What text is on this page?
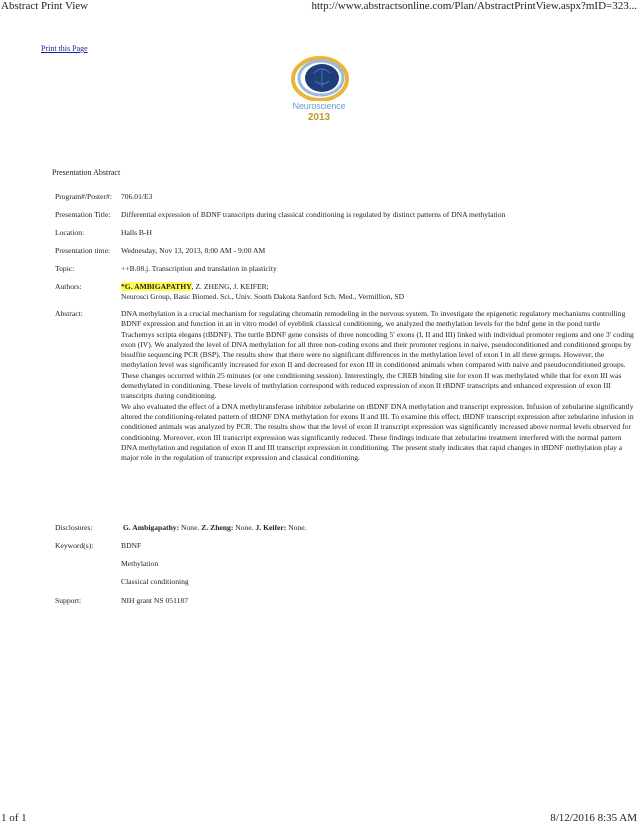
Abstract Print View	http://www.abstractsonline.com/Plan/AbstractPrintView.aspx?mID=323...
Print this Page
Neuroscience
2013
Presentation Abstract
Program#/Poster#:	706.01/E3
Presentation Title:	Differential expression of BDNF transcripts during classical conditioning is regulated by distinct patterns of DNA methylation
Location:	Halls B-H
Presentation time:	Wednesday, Nov 13, 2013, 8:00 AM - 9:00 AM
Topic:	++B.08.j. Transcription and translation in plasticity
Authors:	*G. AMBIGAPATHY, Z. ZHENG, J. KEIFER;
Neurosci Group, Basic Biomed. Sci., Univ. South Dakota Sanford Sch. Med., Vermillion, SD
Abstract:	DNA methylation is a crucial mechanism for regulating chromatin remodeling in the nervous system. To investigate the epigenetic regulatory mechanisms controlling BDNF expression and function in an in vitro model of eyeblink classical conditioning, we analyzed the methylation levels for the bdnf gene in the pond turtle Trachemys scripta elegans (tBDNF). The turtle BDNF gene consists of three noncoding 5′ exons (I, II and III) linked with individual promoter regions and one 3′ coding exon (IV). We analyzed the level of DNA methylation for all three non-coding exons and their promoter regions in naive, pseudoconditioned and conditioned groups by bisulfite sequencing PCR (BSP). The results show that there were no significant differences in the methylation level of exon I in all three groups. However, the methylation level was significantly increased for exon II and decreased for exon III in conditioned animals when compared with naive and pseudoconditioned groups. These changes occurred within 25 minutes (or one conditioning session). Interestingly, the CREB binding site for exon II was methylated while that for exon III was demethylated in conditioning. These levels of methylation correspond with reduced expression of exon II tBDNF transcripts and enhanced expression of exon III transcripts during conditioning.

We also evaluated the effect of a DNA methyltransferase inhibitor zebularine on tBDNF DNA methylation and transcript expression. Infusion of zebularine significantly altered the conditioning-related pattern of tBDNF DNA methylation for exons II and III. To examine this effect, tBDNF transcript expression after zebularine infusion in conditioned animals was analyzed by PCR. The results show that the level of exon II transcript expression was significantly increased above normal levels observed for conditioning. Moreover, exon III transcript expression was significantly reduced. These findings indicate that zebularine treatment interfered with the normal pattern DNA methylation and regulation of exon II and III transcript expression in conditioning. The present study indicates that rapid changes in tBDNF methylation play a major role in the regulation of transcript expression and classical conditioning.

Disclosures:	G. Ambigapathy: None. Z. Zheng: None. J. Keifer: None.
Keyword(s):	BDNF
Methylation
Classical conditioning
Support:	NIH grant NS 051187
1 of 1	8/12/2016 8:35 AM
